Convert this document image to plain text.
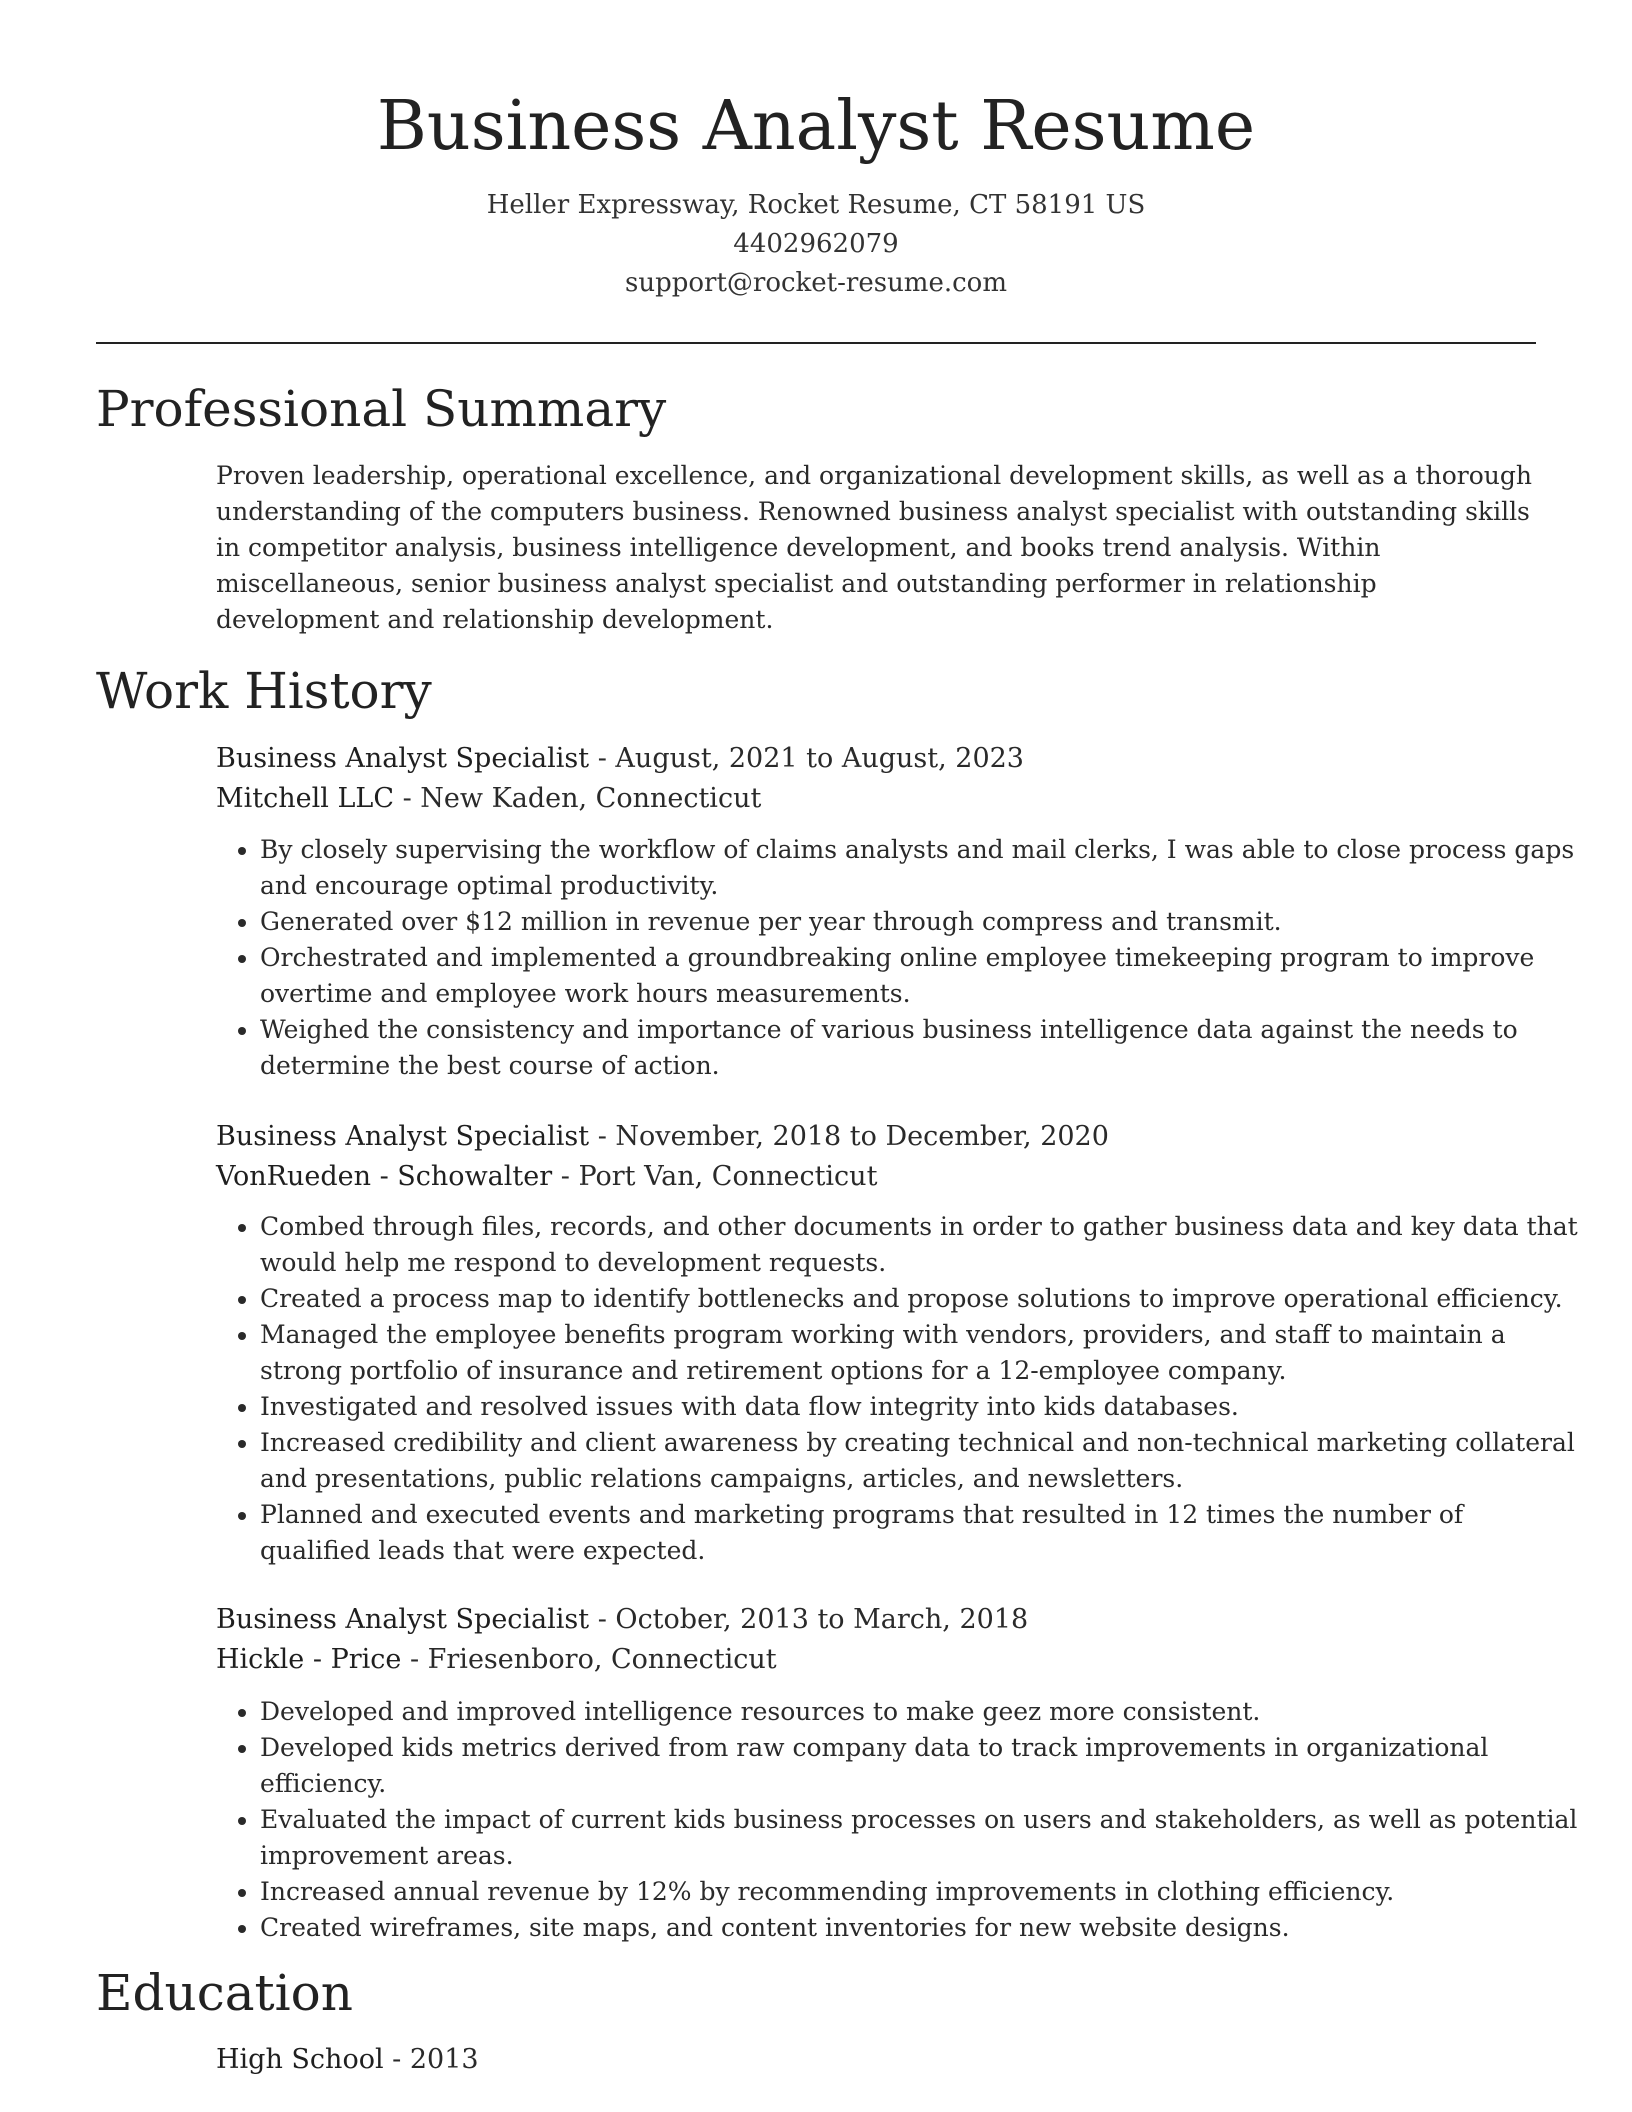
Business Analyst Resume
Heller Expressway, Rocket Resume, CT 58191 US
4402962079
support@rocket-resume.com
Professional Summary

Proven leadership, operational excellence, and organizational development skills, as well as a thorough understanding of the computers business. Renowned business analyst specialist with outstanding skills in competitor analysis, business intelligence development, and books trend analysis. Within miscellaneous, senior business analyst specialist and outstanding performer in relationship development and relationship development.

Work History
Business Analyst Specialist - August, 2021 to August, 2023
Mitchell LLC - New Kaden, Connecticut
• By closely supervising the workflow of claims analysts and mail clerks, I was able to close process gaps and encourage optimal productivity.
• Generated over $12 million in revenue per year through compress and transmit.
• Orchestrated and implemented a groundbreaking online employee timekeeping program to improve overtime and employee work hours measurements.
• Weighed the consistency and importance of various business intelligence data against the needs to determine the best course of action.
Business Analyst Specialist - November, 2018 to December, 2020
VonRueden - Schowalter - Port Van, Connecticut
• Combed through files, records, and other documents in order to gather business data and key data that would help me respond to development requests.
• Created a process map to identify bottlenecks and propose solutions to improve operational efficiency.
• Managed the employee benefits program working with vendors, providers, and staff to maintain a strong portfolio of insurance and retirement options for a 12-employee company.
• Investigated and resolved issues with data flow integrity into kids databases.
• Increased credibility and client awareness by creating technical and non-technical marketing collateral and presentations, public relations campaigns, articles, and newsletters.
• Planned and executed events and marketing programs that resulted in 12 times the number of qualified leads that were expected.
Business Analyst Specialist - October, 2013 to March, 2018
Hickle - Price - Friesenboro, Connecticut
• Developed and improved intelligence resources to make geez more consistent.
• Developed kids metrics derived from raw company data to track improvements in organizational efficiency.
• Evaluated the impact of current kids business processes on users and stakeholders, as well as potential improvement areas.
• Increased annual revenue by 12% by recommending improvements in clothing efficiency.
• Created wireframes, site maps, and content inventories for new website designs.
Education
High School - 2013
